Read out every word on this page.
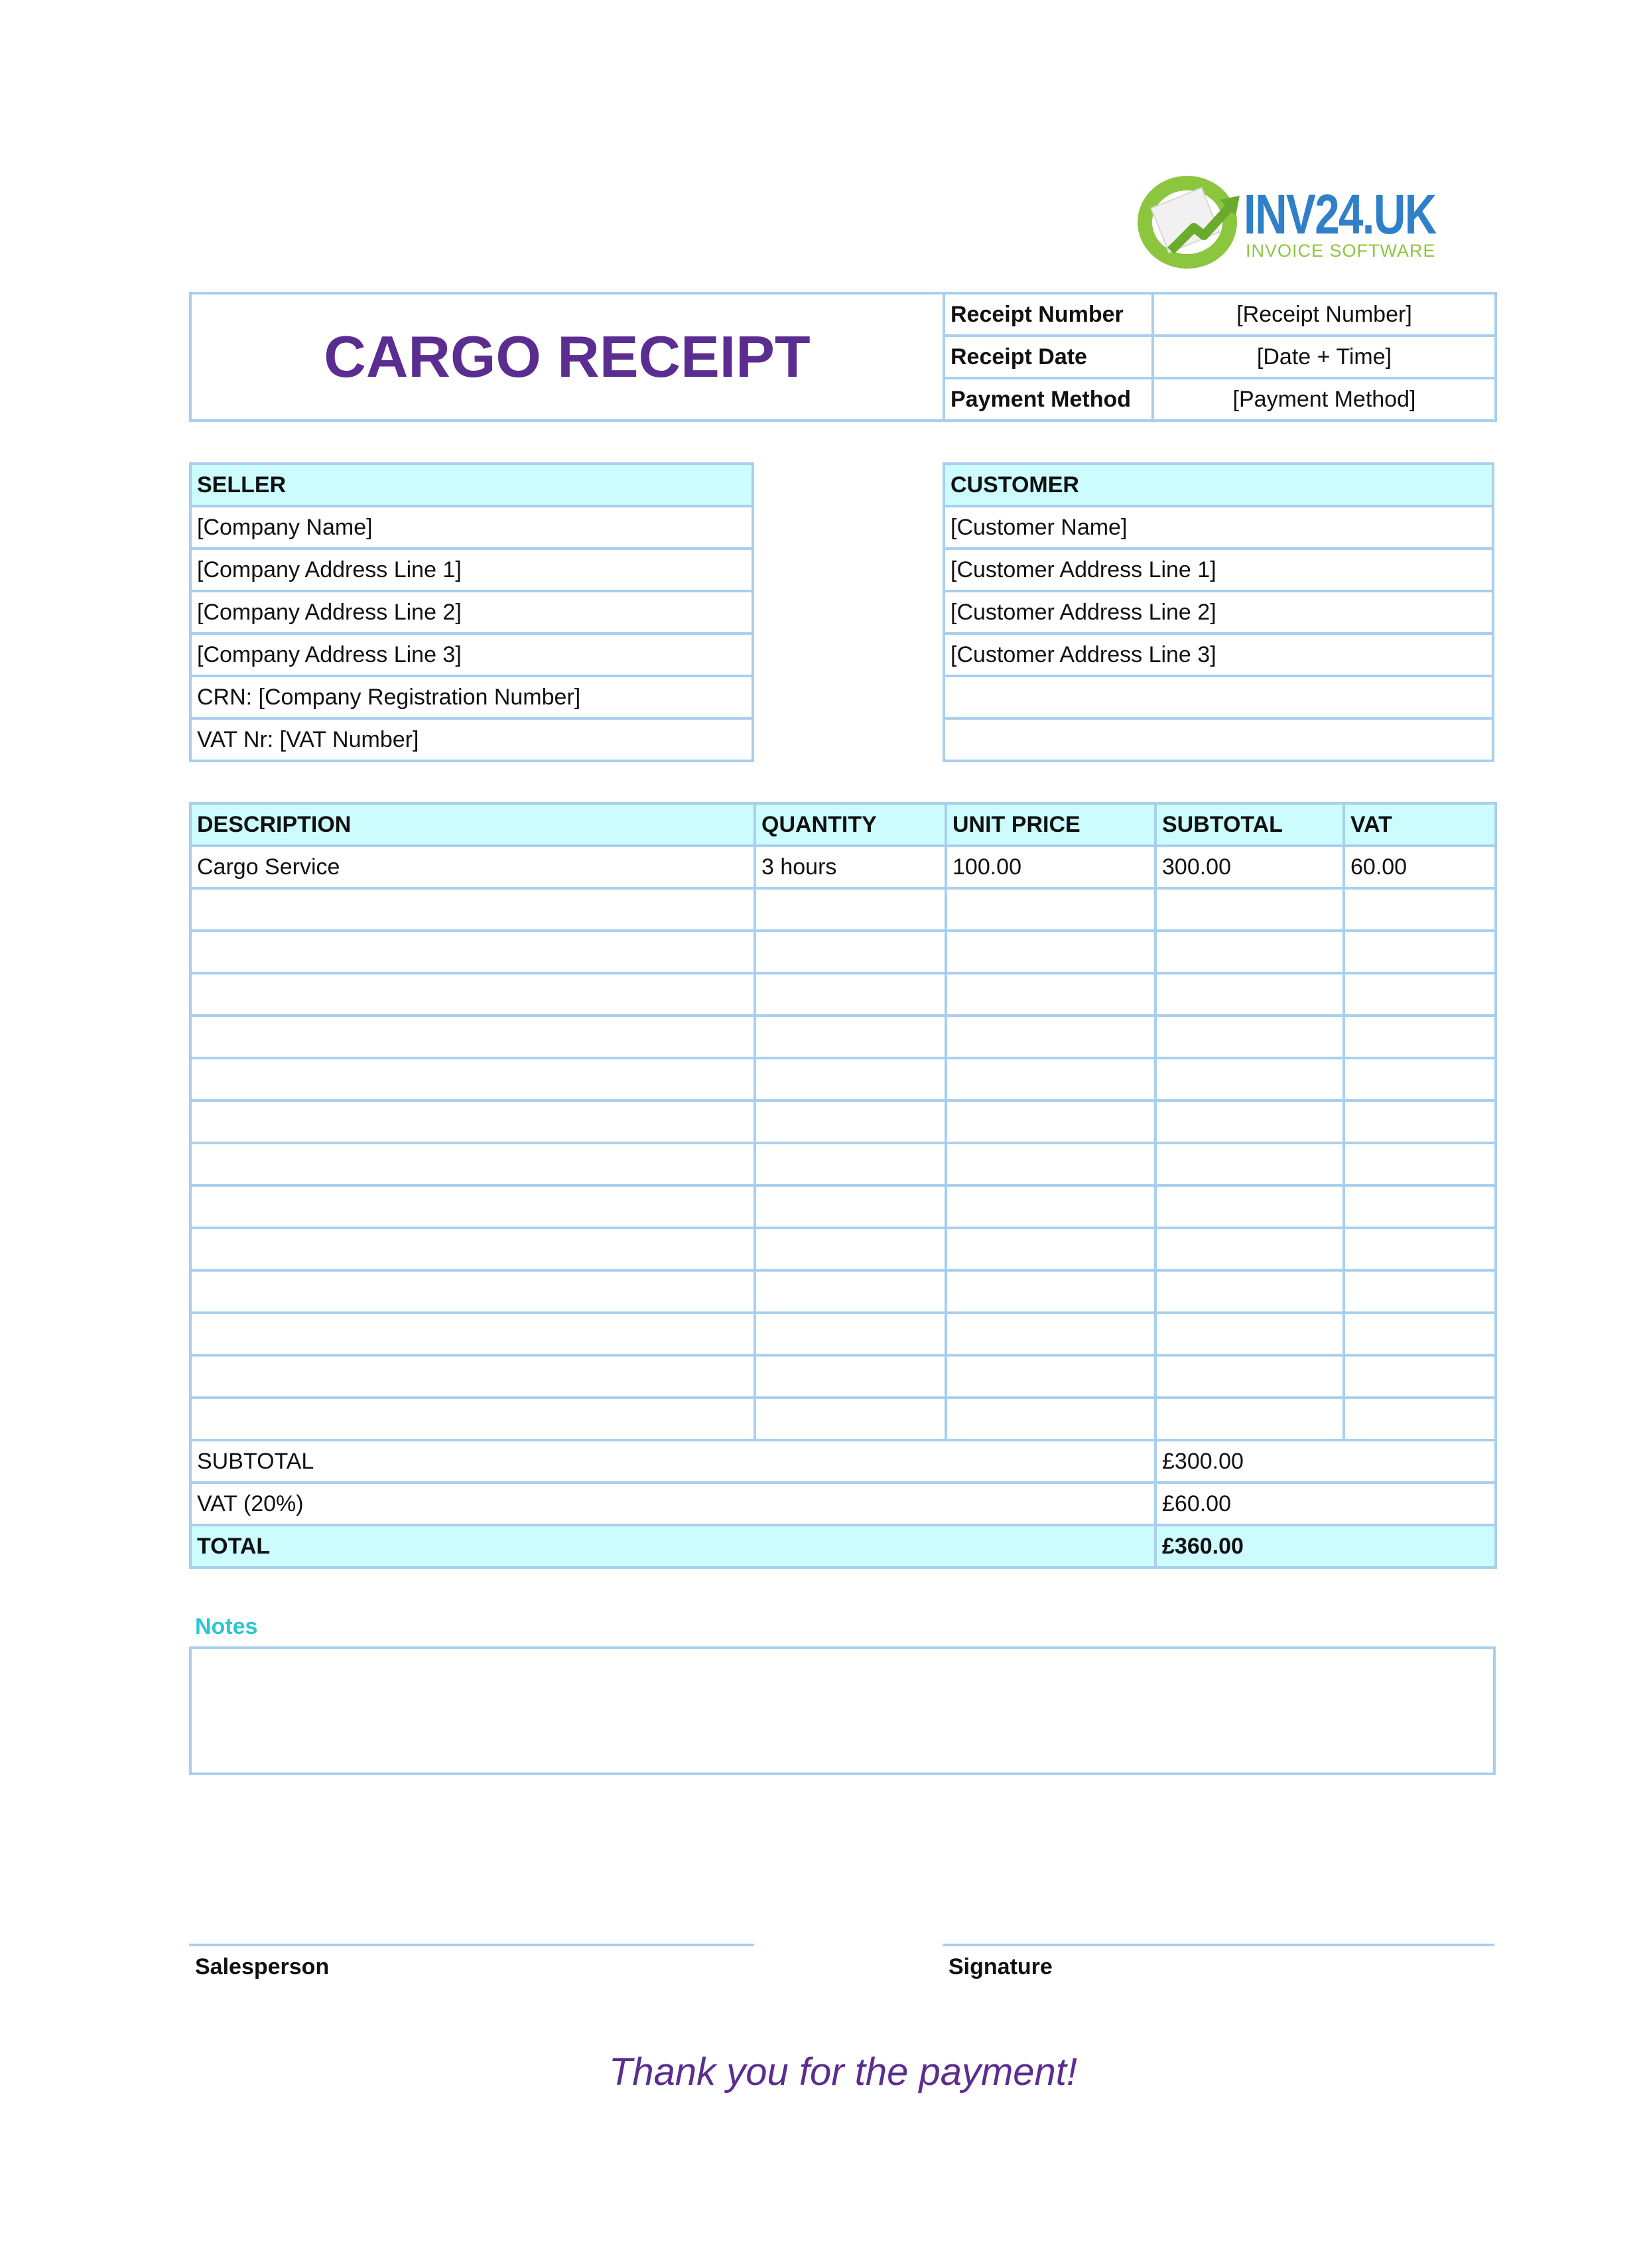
INV24.UK
INVOICE SOFTWARE
CARGO RECEIPT	Receipt Number	[Receipt Number]
	Receipt Date	[Date + Time]
	Payment Method	[Payment Method]
SELLER
[Company Name]
[Company Address Line 1]
[Company Address Line 2]
[Company Address Line 3]
CRN: [Company Registration Number]
VAT Nr: [VAT Number]
CUSTOMER
[Customer Name]
[Customer Address Line 1]
[Customer Address Line 2]
[Customer Address Line 3]

DESCRIPTION	QUANTITY	UNIT PRICE	SUBTOTAL	VAT
Cargo Service	3 hours	100.00	300.00	60.00

SUBTOTAL			£300.00	
VAT (20%)			£60.00	
TOTAL			£360.00	
Notes
Salesperson	Signature
Thank you for the payment!
